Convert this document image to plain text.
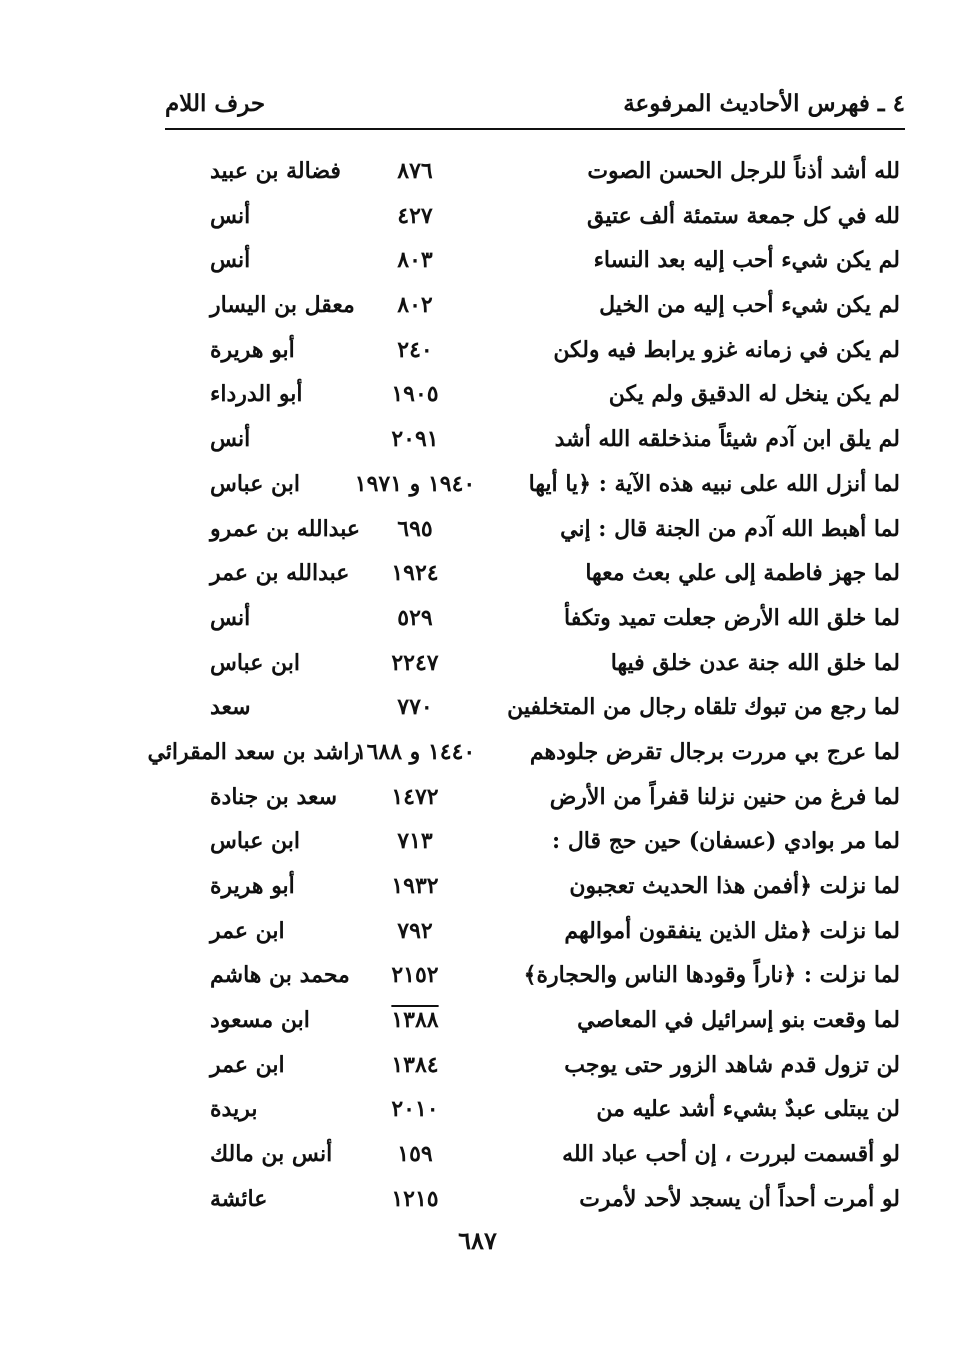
٤ ـ فهرس الأحاديث المرفوعة
حرف اللام
لله أشد أذناً للرجل الحسن الصوت
٨٧٦
فضالة بن عبيد
لله في كل جمعة ستمئة ألف عتيق
٤٢٧
أنس
لم يكن شيء أحب إليه بعد النساء
٨٠٣
أنس
لم يكن شيء أحب إليه من الخيل
٨٠٢
معقل بن اليسار
لم يكن في زمانه غزو يرابط فيه ولكن
٢٤٠
أبو هريرة
لم يكن ينخل له الدقيق ولم يكن
١٩٠٥
أبو الدرداء
لم يلق ابن آدم شيئاً منذخلقه الله أشد
٢٠٩١
أنس
لما أنزل الله على نبيه هذه الآية : ﴿يا أيها
١٩٤٠ و ١٩٧١
ابن عباس
لما أهبط الله آدم من الجنة قال : إني
٦٩٥
عبدالله بن عمرو
لما جهز فاطمة إلى علي بعث معها
١٩٢٤
عبدالله بن عمر
لما خلق الله الأرض جعلت تميد وتكفأ
٥٢٩
أنس
لما خلق الله جنة عدن خلق فيها
٢٢٤٧
ابن عباس
لما رجع من تبوك تلقاه رجال من المتخلفين
٧٧٠
سعد
لما عرج بي مررت برجال تقرض جلودهم
١٤٤٠ و ١٦٨٨
راشد بن سعد المقرائي
لما فرغ من حنين نزلنا قفراً من الأرض
١٤٧٢
سعد بن جنادة
لما مر بوادي (عسفان) حين حج قال :
٧١٣
ابن عباس
لما نزلت ﴿أفمن هذا الحديث تعجبون
١٩٣٢
أبو هريرة
لما نزلت ﴿مثل الذين ينفقون أموالهم
٧٩٢
ابن عمر
لما نزلت : ﴿ناراً وقودها الناس والحجارة﴾
٢١٥٢
محمد بن هاشم
لما وقعت بنو إسرائيل في المعاصي
١٣٨٨
ابن مسعود
لن تزول قدم شاهد الزور حتى يوجب
١٣٨٤
ابن عمر
لن يبتلى عبدٌ بشيء أشد عليه من
٢٠١٠
بريدة
لو أقسمت لبررت ، إن أحب عباد الله
١٥٩
أنس بن مالك
لو أمرت أحداً أن يسجد لأحد لأمرت
١٢١٥
عائشة
٦٨٧
